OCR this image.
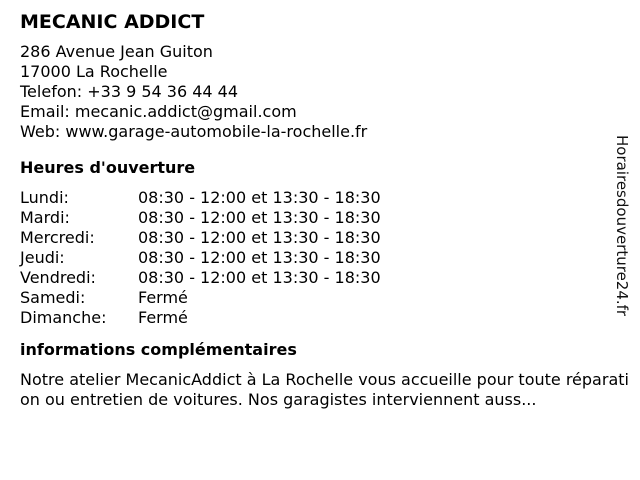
MECANIC ADDICT
286 Avenue Jean Guiton
17000 La Rochelle
Telefon: +33 9 54 36 44 44
Email: mecanic.addict@gmail.com
Web: www.garage-automobile-la-rochelle.fr
Heures d'ouverture
Lundi:	08:30 - 12:00 et 13:30 - 18:30
Mardi:	08:30 - 12:00 et 13:30 - 18:30
Mercredi:	08:30 - 12:00 et 13:30 - 18:30
Jeudi:	08:30 - 12:00 et 13:30 - 18:30
Vendredi:	08:30 - 12:00 et 13:30 - 18:30
Samedi:	Fermé
Dimanche:	Fermé
informations complémentaires
Notre atelier MecanicAddict à La Rochelle vous accueille pour toute réparation ou entretien de voitures. Nos garagistes interviennent auss...
Horairesdouverture24.fr
